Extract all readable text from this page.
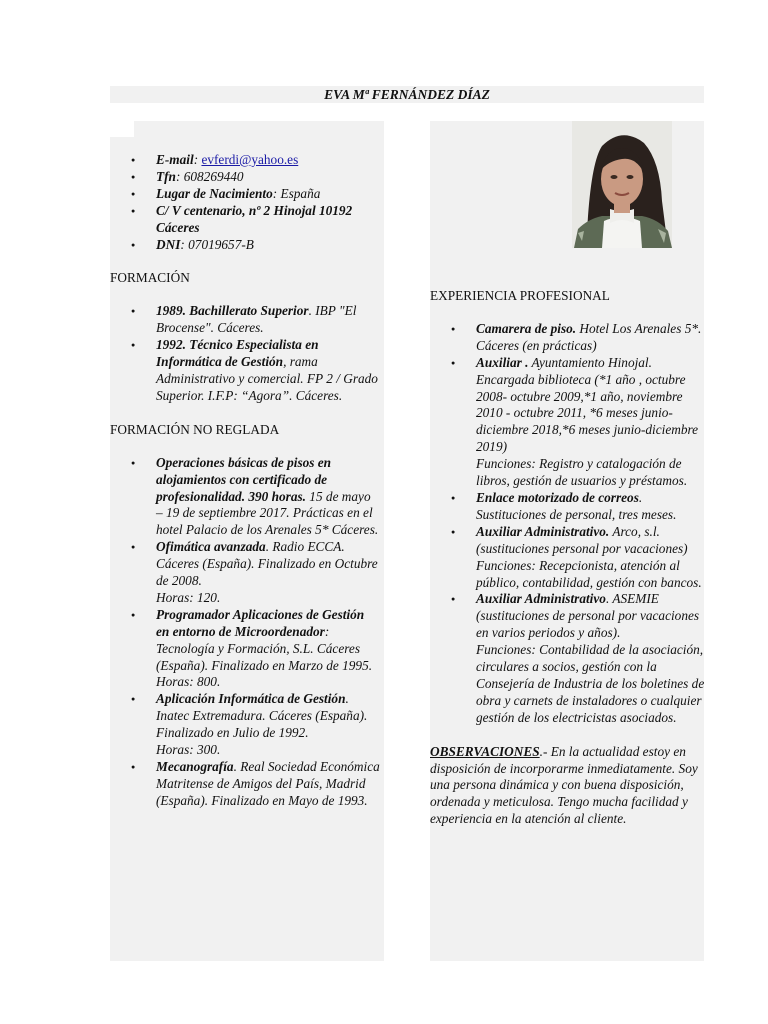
EVA Mª FERNÁNDEZ DÍAZ
● E-mail: evferdi@yahoo.es
● Tfn: 608269440
● Lugar de Nacimiento: España
● C/ V centenario, nº 2 Hinojal 10192 Cáceres
● DNI: 07019657-B
FORMACIÓN
● 1989. Bachillerato Superior. IBP "El Brocense". Cáceres.
● 1992. Técnico Especialista en Informática de Gestión, rama Administrativo y comercial. FP 2 / Grado Superior. I.F.P: “Agora”. Cáceres.
FORMACIÓN NO REGLADA
● Operaciones básicas de pisos en alojamientos con certificado de profesionalidad. 390 horas. 15 de mayo – 19 de septiembre 2017. Prácticas en el hotel Palacio de los Arenales 5* Cáceres.
● Ofimática avanzada. Radio ECCA. Cáceres (España). Finalizado en Octubre de 2008.
Horas: 120.
● Programador Aplicaciones de Gestión en entorno de Microordenador: Tecnología y Formación, S.L. Cáceres (España). Finalizado en Marzo de 1995.
Horas: 800.
● Aplicación Informática de Gestión. Inatec Extremadura. Cáceres (España). Finalizado en Julio de 1992.
Horas: 300.
● Mecanografía. Real Sociedad Económica Matritense de Amigos del País, Madrid (España). Finalizado en Mayo de 1993.
EXPERIENCIA PROFESIONAL
● Camarera de piso. Hotel Los Arenales 5*. Cáceres (en prácticas)
● Auxiliar . Ayuntamiento Hinojal. Encargada biblioteca (*1 año , octubre 2008- octubre 2009,*1 año, noviembre 2010 - octubre 2011, *6 meses junio-diciembre 2018,*6 meses junio-diciembre 2019)
Funciones: Registro y catalogación de libros, gestión de usuarios y préstamos.
● Enlace motorizado de correos. Sustituciones de personal, tres meses.
● Auxiliar Administrativo. Arco, s.l. (sustituciones personal por vacaciones)
Funciones: Recepcionista, atención al público, contabilidad, gestión con bancos.
● Auxiliar Administrativo. ASEMIE (sustituciones de personal por vacaciones en varios periodos y años).
Funciones: Contabilidad de la asociación, circulares a socios, gestión con la Consejería de Industria de los boletines de obra y carnets de instaladores o cualquier gestión de los electricistas asociados.
OBSERVACIONES.- En la actualidad estoy en disposición de incorporarme inmediatamente. Soy una persona dinámica y con buena disposición, ordenada y meticulosa. Tengo mucha facilidad y experiencia en la atención al cliente.
